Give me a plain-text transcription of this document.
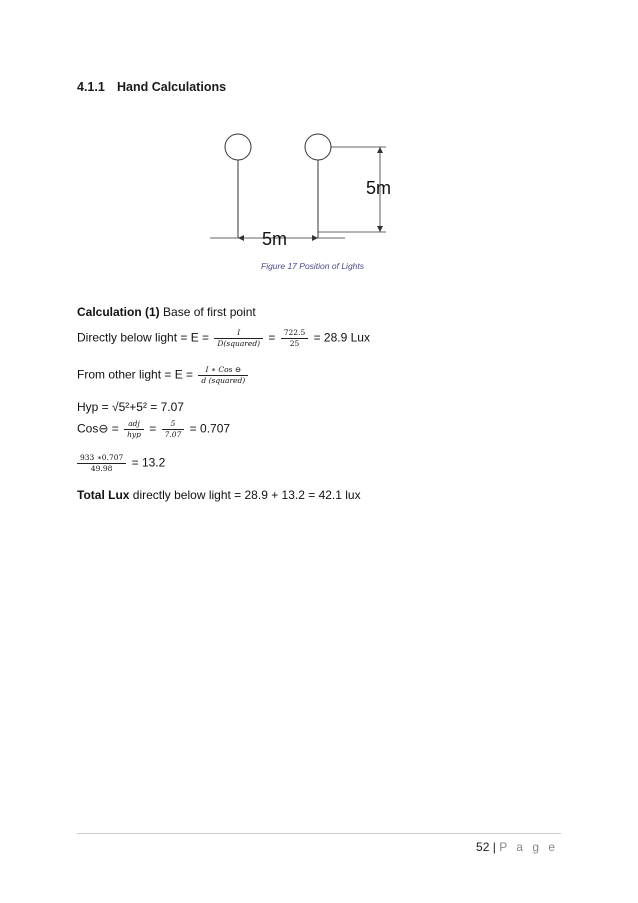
4.1.1 Hand Calculations
5m
5m
Figure 17 Position of Lights
Calculation (1) Base of first point
Directly below light = $E = \frac{I}{\text{D(squared)}} = \frac{722.5}{25} = 28.9$ Lux
From other light = $E = \frac{\text{I ∗ Cos ⊖}}{\text{d (squared)}}$
Hyp = √5²+5² = 7.07
Cos⊖ = $\frac{\text{adj}}{\text{hyp}} = \frac{5}{7.07} = 0.707$
$\frac{933 ∗0.707}{49.98} = 13.2$
Total Lux directly below light = 28.9 + 13.2 = 42.1 lux
52 | P a g e
